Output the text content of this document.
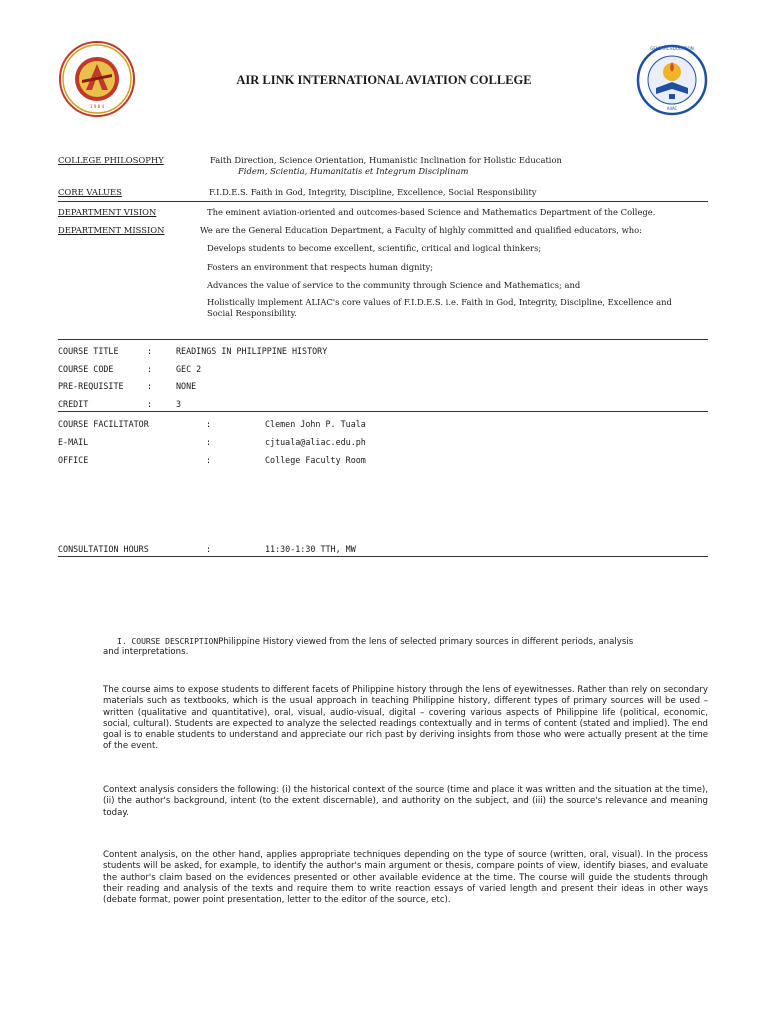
1 9 8 4
AIR LINK INTERNATIONAL AVIATION COLLEGE
GENERAL EDUCATION
AIIAC
COLLEGE PHILOSOPHY	Faith Direction, Science Orientation, Humanistic Inclination for Holistic Education
Fidem, Scientia, Humanitatis et Integrum Disciplinam
CORE VALUES	F.I.D.E.S. Faith in God, Integrity, Discipline, Excellence, Social Responsibility
DEPARTMENT VISION	The eminent aviation-oriented and outcomes-based Science and Mathematics Department of the College.
DEPARTMENT MISSION	We are the General Education Department, a Faculty of highly committed and qualified educators, who:
Develops students to become excellent, scientific, critical and logical thinkers;
Fosters an environment that respects human dignity;
Advances the value of service to the community through Science and Mathematics; and
Holistically implement ALIAC's core values of F.I.D.E.S. i.e. Faith in God, Integrity, Discipline, Excellence and
Social Responsibility.
COURSE TITLE	:	READINGS IN PHILIPPINE HISTORY
COURSE CODE	:	GEC 2
PRE-REQUISITE	:	NONE
CREDIT	:	3
COURSE FACILITATOR	:	Clemen John P. Tuala
E-MAIL	:	cjtuala@aliac.edu.ph
OFFICE	:	College Faculty Room
CONSULTATION HOURS	:	11:30-1:30 TTH, MW
I. COURSE DESCRIPTIONPhilippine History viewed from the lens of selected primary sources in different periods, analysis
and interpretations.
The course aims to expose students to different facets of Philippine history through the lens of eyewitnesses. Rather than rely on secondary materials such as textbooks, which is the usual approach in teaching Philippine history, different types of primary sources will be used – written (qualitative and quantitative), oral, visual, audio-visual, digital – covering various aspects of Philippine life (political, economic, social, cultural). Students are expected to analyze the selected readings contextually and in terms of content (stated and implied). The end goal is to enable students to understand and appreciate our rich past by deriving insights from those who were actually present at the time of the event.
Context analysis considers the following: (i) the historical context of the source (time and place it was written and the situation at the time), (ii) the author's background, intent (to the extent discernable), and authority on the subject, and (iii) the source's relevance and meaning today.
Content analysis, on the other hand, applies appropriate techniques depending on the type of source (written, oral, visual). In the process students will be asked, for example, to identify the author's main argument or thesis, compare points of view, identify biases, and evaluate the author's claim based on the evidences presented or other available evidence at the time. The course will guide the students through their reading and analysis of the texts and require them to write reaction essays of varied length and present their ideas in other ways (debate format, power point presentation, letter to the editor of the source, etc).
